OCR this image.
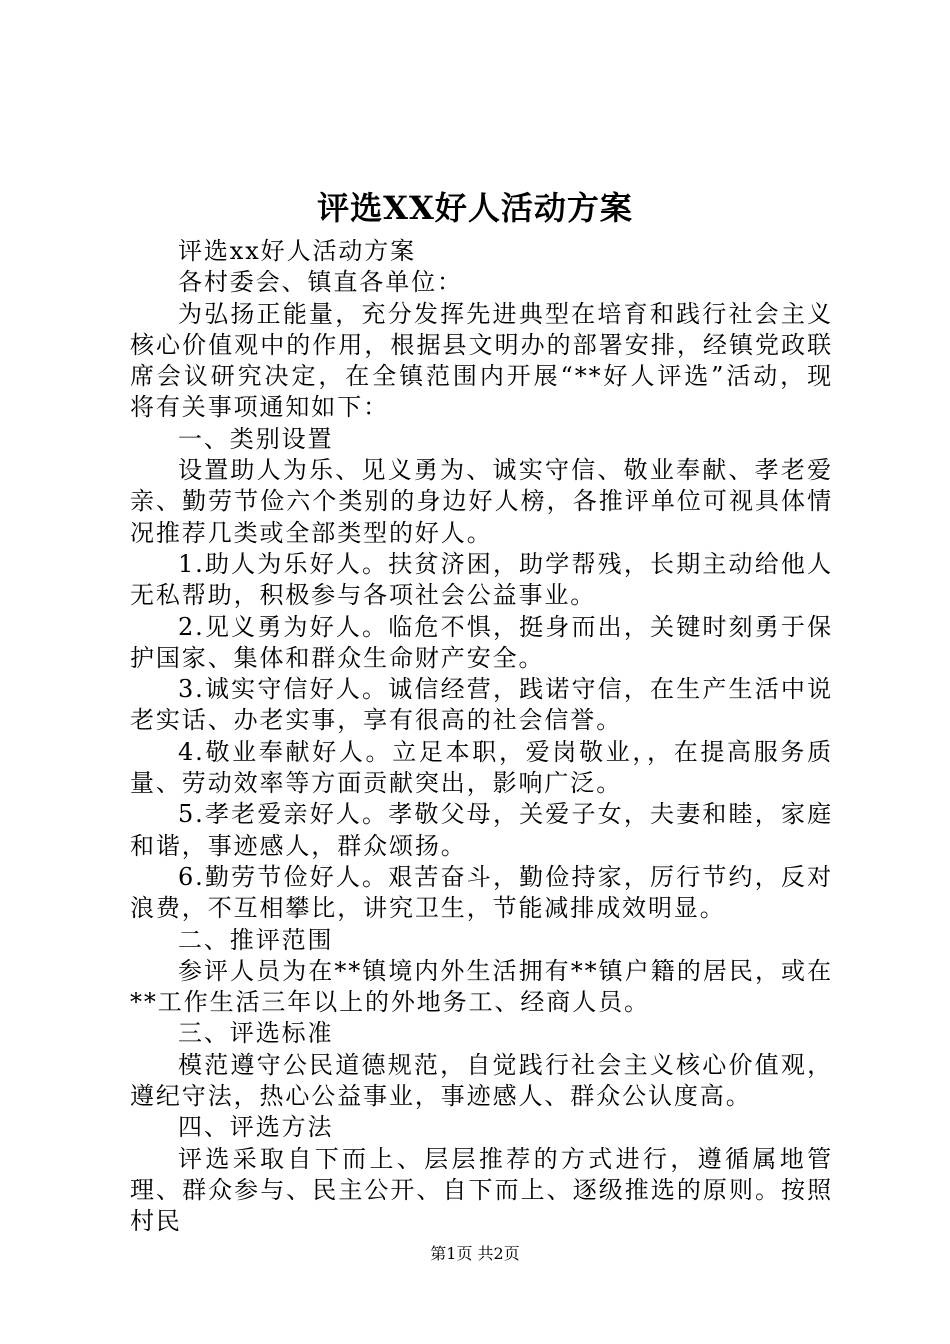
评选XX好人活动方案

评选xx好人活动方案

各村委会、镇直各单位：

为弘扬正能量，充分发挥先进典型在培育和践行社会主义核心价值观中的作用，根据县文明办的部署安排，经镇党政联席会议研究决定，在全镇范围内开展“**好人评选”活动，现将有关事项通知如下：

一、类别设置

设置助人为乐、见义勇为、诚实守信、敬业奉献、孝老爱亲、勤劳节俭六个类别的身边好人榜，各推评单位可视具体情况推荐几类或全部类型的好人。

1.助人为乐好人。扶贫济困，助学帮残，长期主动给他人无私帮助，积极参与各项社会公益事业。

2.见义勇为好人。临危不惧，挺身而出，关键时刻勇于保护国家、集体和群众生命财产安全。

3.诚实守信好人。诚信经营，践诺守信，在生产生活中说老实话、办老实事，享有很高的社会信誉。

4.敬业奉献好人。立足本职，爱岗敬业，，在提高服务质量、劳动效率等方面贡献突出，影响广泛。

5.孝老爱亲好人。孝敬父母，关爱子女，夫妻和睦，家庭和谐，事迹感人，群众颂扬。

6.勤劳节俭好人。艰苦奋斗，勤俭持家，厉行节约，反对浪费，不互相攀比，讲究卫生，节能减排成效明显。

二、推评范围

参评人员为在**镇境内外生活拥有**镇户籍的居民，或在**工作生活三年以上的外地务工、经商人员。

三、评选标准

模范遵守公民道德规范，自觉践行社会主义核心价值观，遵纪守法，热心公益事业，事迹感人、群众公认度高。

四、评选方法

评选采取自下而上、层层推荐的方式进行，遵循属地管理、群众参与、民主公开、自下而上、逐级推选的原则。按照村民

第1页 共2页
